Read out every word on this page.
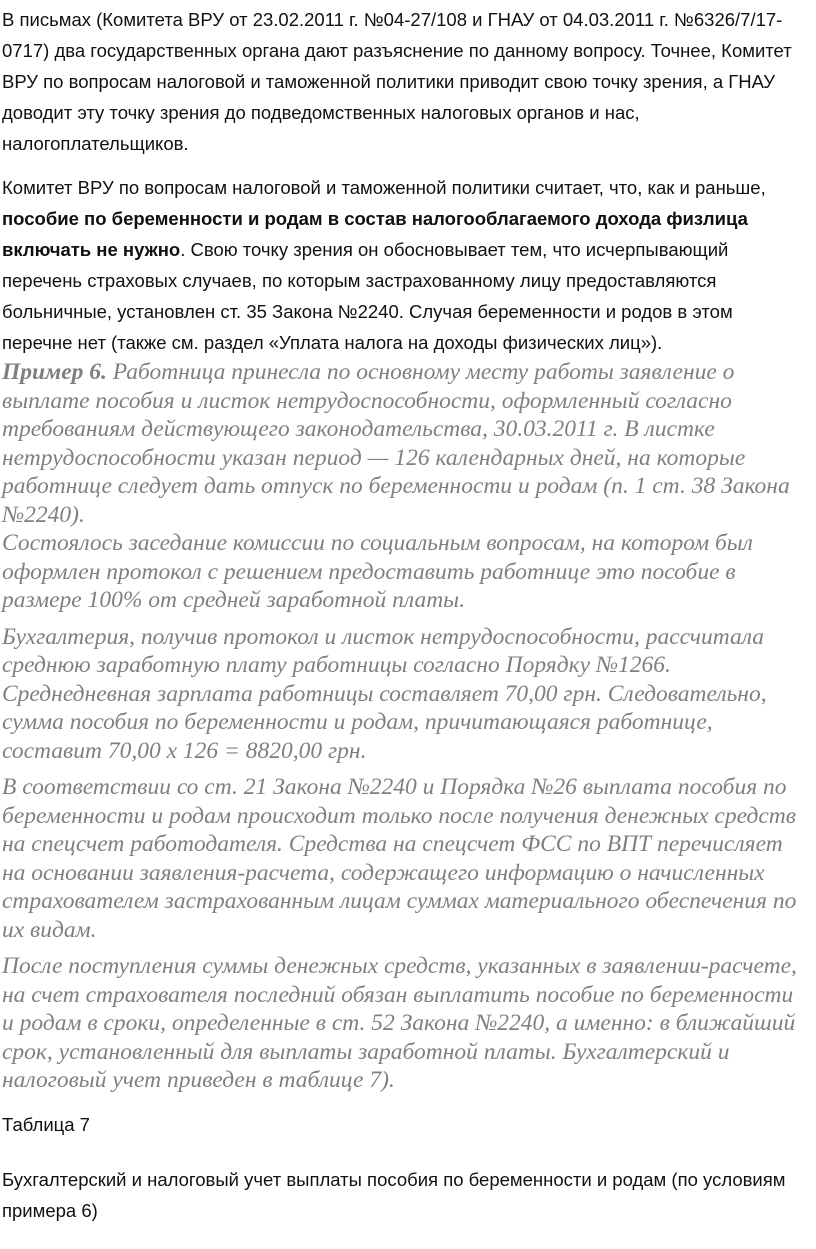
В письмах (Комитета ВРУ от 23.02.2011 г. №04-27/108 и ГНАУ от 04.03.2011 г. №6326/7/17-0717) два государственных органа дают разъяснение по данному вопросу. Точнее, Комитет ВРУ по вопросам налоговой и таможенной политики приводит свою точку зрения, а ГНАУ доводит эту точку зрения до подведомственных налоговых органов и нас, налогоплательщиков.

Комитет ВРУ по вопросам налоговой и таможенной политики считает, что, как и раньше, пособие по беременности и родам в состав налогооблагаемого дохода физлица включать не нужно. Свою точку зрения он обосновывает тем, что исчерпывающий перечень страховых случаев, по которым застрахованному лицу предоставляются больничные, установлен ст. 35 Закона №2240. Случая беременности и родов в этом перечне нет (также см. раздел «Уплата налога на доходы физических лиц»).

Пример 6. Работница принесла по основному месту работы заявление о выплате пособия и листок нетрудоспособности, оформленный согласно требованиям действующего законодательства, 30.03.2011 г. В листке нетрудоспособности указан период — 126 календарных дней, на которые работнице следует дать отпуск по беременности и родам (п. 1 ст. 38 Закона №2240).

Состоялось заседание комиссии по социальным вопросам, на котором был оформлен протокол с решением предоставить работнице это пособие в размере 100% от средней заработной платы.

Бухгалтерия, получив протокол и листок нетрудоспособности, рассчитала среднюю заработную плату работницы согласно Порядку №1266. Среднедневная зарплата работницы составляет 70,00 грн. Следовательно, сумма пособия по беременности и родам, причитающаяся работнице, составит 70,00 х 126 = 8820,00 грн.

В соответствии со ст. 21 Закона №2240 и Порядка №26 выплата пособия по беременности и родам происходит только после получения денежных средств на спецсчет работодателя. Средства на спецсчет ФСС по ВПТ перечисляет на основании заявления-расчета, содержащего информацию о начисленных страхователем застрахованным лицам суммах материального обеспечения по их видам.

После поступления суммы денежных средств, указанных в заявлении-расчете, на счет страхователя последний обязан выплатить пособие по беременности и родам в сроки, определенные в ст. 52 Закона №2240, а именно: в ближайший срок, установленный для выплаты заработной платы. Бухгалтерский и налоговый учет приведен в таблице 7).

Таблица 7

Бухгалтерский и налоговый учет выплаты пособия по беременности и родам (по условиям примера 6)
